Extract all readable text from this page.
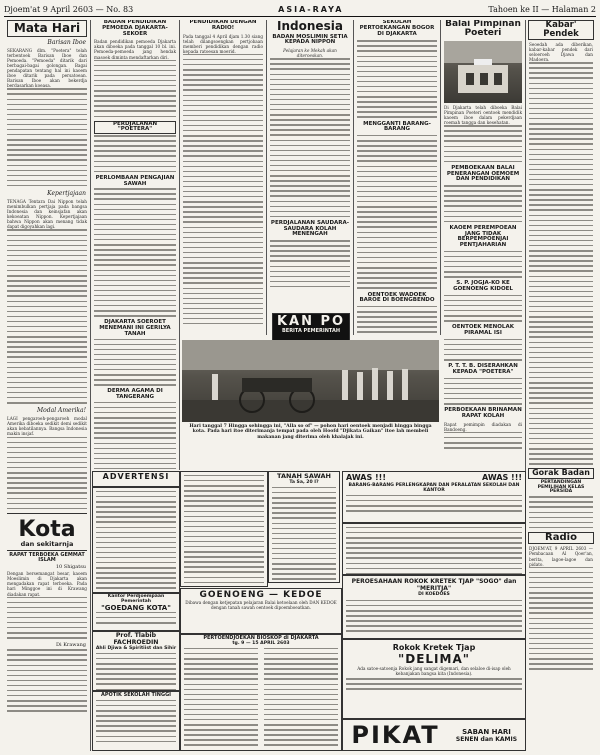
Djoem'at 9 April 2603 — No. 83	ASIA-RAYA	Tahoen ke II — Halaman 2
Mata Hari
Barisan Iboe
SEKARANG dlm. "Poetera" telah terbentoek Barisan Iboe dan Pemoeda. "Pemoeda" ditarik dari berbagai-bagai golongan. Bagai pendapatan tentang hal ini kaoem iboe ditarik pada persatoean. Barisan Iboe akan bekerdja berdasarkan koeasa.
Kepertjajaan
TENAGA Tentara Dai Nippon telah menimbulkan pertjaja pada bangsa Indonesia dan keinsjafan akan kekoeatan Nippon. Kepertjajaan bahwa Nippon akan menang tidak dapat digoyahkan lagi.
Modal Amerika!
LAGI pengaroeh-pengaroeh modal Amerika diboeka sedikit demi sedikit akan kebatilannya. Bangsa Indonesia makin insjaf.
Kota
dan sekitarnja
RAPAT TERBOEKA GEMMAT ISLAM
10 Shigatsu
Dengan bersemangat besar, kaoem Moeslimin di Djakarta akan mengadakan rapat terboeka. Pada hari Minggoe ini di Krawang diadakan rapat.
Di Krawang
BADAN PENDIDIKAN PEMOEDA DJAKARTA-SEKOER
Badan pendidikan pemoeda Djakarta akan diboeka pada tanggal 10 bl. ini. Pemoeda-pemoeda jang hendak masoek diminta mendaftarkan diri.
PERDJALANAN "POETERA"
PERLOMBAAN PENGAJIAN SAWAH
DJAKARTA SOEROET MENEMANI INI GERILYA TANAH
DERMA AGAMA DI TANGERANG
PENDIDIKAN DENGAN RADIO!
Pada tanggal 4 April djam 1.30 siang telah dilangsoengkan pertjobaan memberi pendidikan dengan radio kepada ratoesan moerid.
Indonesia
BADAN MOSLIMIN SETIA KEPADA NIPPON
Pelajaran ke Mekah akan diteroeskan.
PERDJALANAN SAUDARA-SAUDARA KOLAH MENENGAH
KAN PO
BERITA PEMERINTAH
SEKOLAH PERTOEKANGAN BOGOR DI DJAKARTA
MENGGANTI BARANG-BARANG
OENTOEK WADOEK BAROE DI BOENGBENDO
Hari tanggal 7 Hingga sehingga ini, "Alla so of" — pohon hari oentoek menjadi hingga bingga kota. Pada hari itoe diterimanja tempat pada oleh Hoofd "Djikata Gaikan" itoe lah membeli makanan jang diterima oleh khalajak ini.
Balai Pimpinan Poeteri
Di Djakarta telah diboeka Balai Pimpinan Poeteri oentoek mendidik kaoem iboe dalam pekerdjaan roemah tangga dan kesehatan.
PEMBOEKAAN BALAI PENERANGAN OEMOEM DAN PENDIDIKAN
KAOEM PEREMPOEAN JANG TIDAK BERPEMPOENJAI PENTJAHARIAN
S. P. JOGJA-KO KE GOENOENG KIDOEL
OENTOEK MENOLAK PIRAMAL ISI
P. T. T. B. DISERAHKAN KEPADA "POETERA"
PERBOEKAAN BRINAMAN RAPAT KOLAH
Rapat pemimpin diadakan di Bandoeng.
Kabar' Pendek
Seoedah ada diberikan, kabar-kabar pendek dari seloeroeh Djawa dan Madoera.
Gorak Badan
PERTANDINGAN PEMILIHAN KELAS PERSIDA
Radio
DJOEM'AT, 9 APRIL 2603 — Pembacaan Al Qoer'an, berita, lagoe-lagoe dan pidato.
ADVERTENSI
Kantor Perdjoempaan Pemerintah
"GOEDANG KOTA"
Prof. Tlabib FACHROEDIN
Ahli Djiwa & Spiritiist dan Sihir
APOTIK SEKOLAH TINGGI
TANAH SAWAH
Ta Sa, 20 I?
GOENOENG — KEDOE
Dibawa dengan ketjepatan pelajaran Balai ketoelaan oleh DAN KEDOE dengan tanah sawah oentoek dipoemboeatkan.
PERTOENDJOEKAN BIOSKOP di DJAKARTA
tg. 9 — 15 APRIL 2603
AWAS !!!	AWAS !!!
BARANG-BARANG PERLENGKAPAN DAN PERALATAN SEKOLAH DAN KANTOR
PEROESAHAAN ROKOK KRETEK TJAP "SOGO" dan "MERITJA"
DI KOEDOES
Rokok Kretek Tjap
"DELIMA"
Ada satoe-satoenja Rokok jang sangat digemari, dan selaloe di-isap oleh kebanjakan bangsa kita (Indonesia).
PIKAT	SABAN HARI
SENEN dan KAMIS
